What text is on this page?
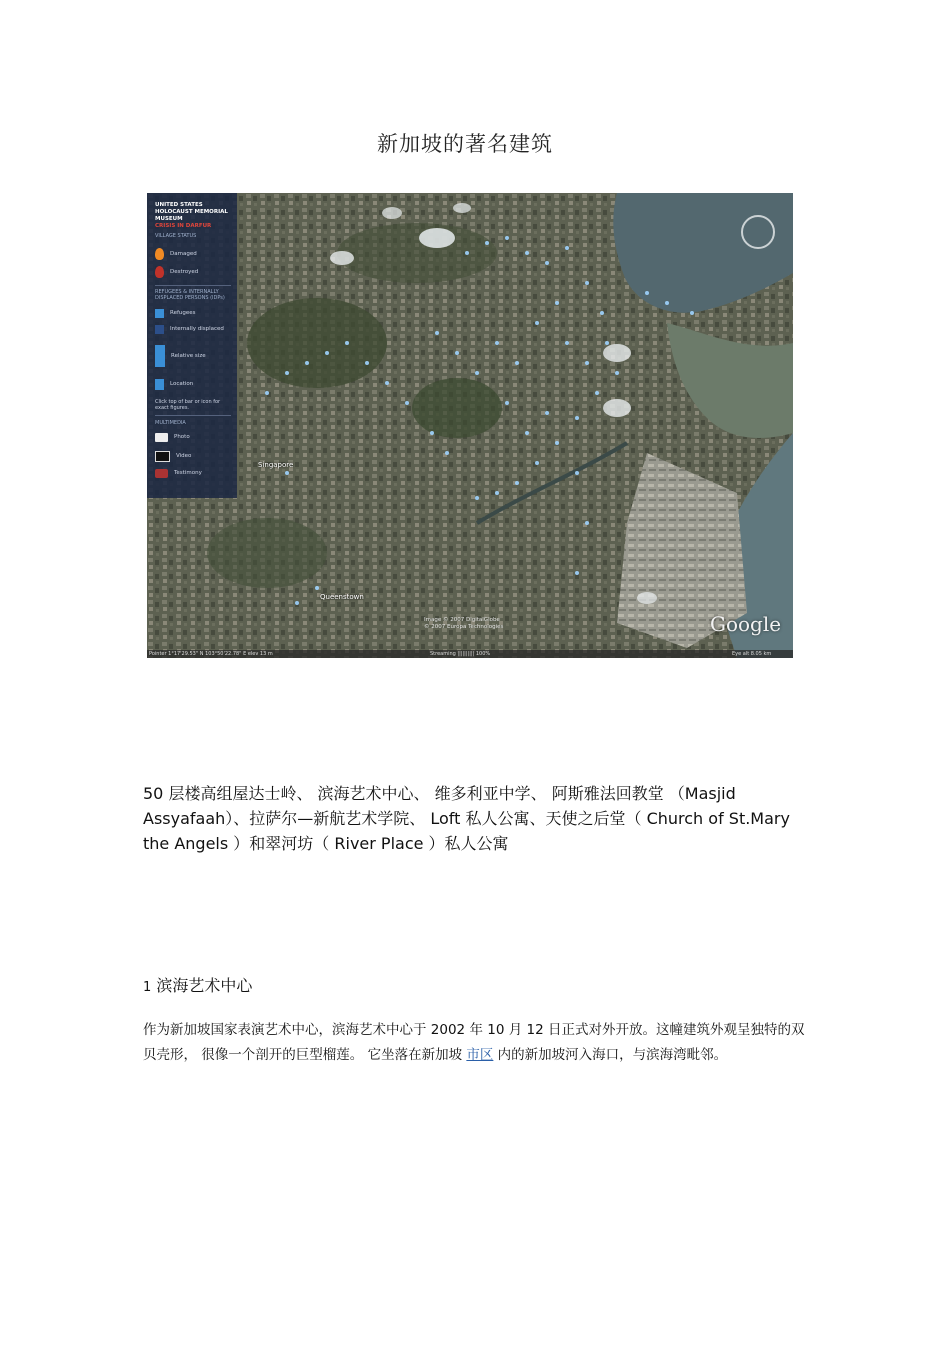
新加坡的著名建筑
UNITED STATES HOLOCAUST MEMORIAL MUSEUM
CRISIS IN DARFUR
VILLAGE STATUS
Damaged
Destroyed
REFUGEES & INTERNALLY DISPLACED PERSONS (IDPs)
Refugees
Internally displaced
Relative size
Location
Click top of bar or icon for exact figures.
MULTIMEDIA
Photo
Video
Testimony
Singapore
Queenstown
Image © 2007 DigitalGlobe
© 2007 Europa Technologies	Google
Pointer 1°17'29.53" N 103°50'22.78" E elev 13 m	Streaming |||||||||| 100%	Eye alt 8.05 km
50 层楼高组屋达士岭、 滨海艺术中心、 维多利亚中学、 阿斯雅法回教堂 （Masjid Assyafaah）、拉萨尔—新航艺术学院、 Loft 私人公寓、天使之后堂（ Church of St.Mary the Angels ）和翠河坊（ River Place ）私人公寓
1 滨海艺术中心
作为新加坡国家表演艺术中心，滨海艺术中心于 2002 年 10 月 12 日正式对外开放。这幢建筑外观呈独特的双贝壳形， 很像一个剖开的巨型榴莲。 它坐落在新加坡 市区 内的新加坡河入海口，与滨海湾毗邻。
